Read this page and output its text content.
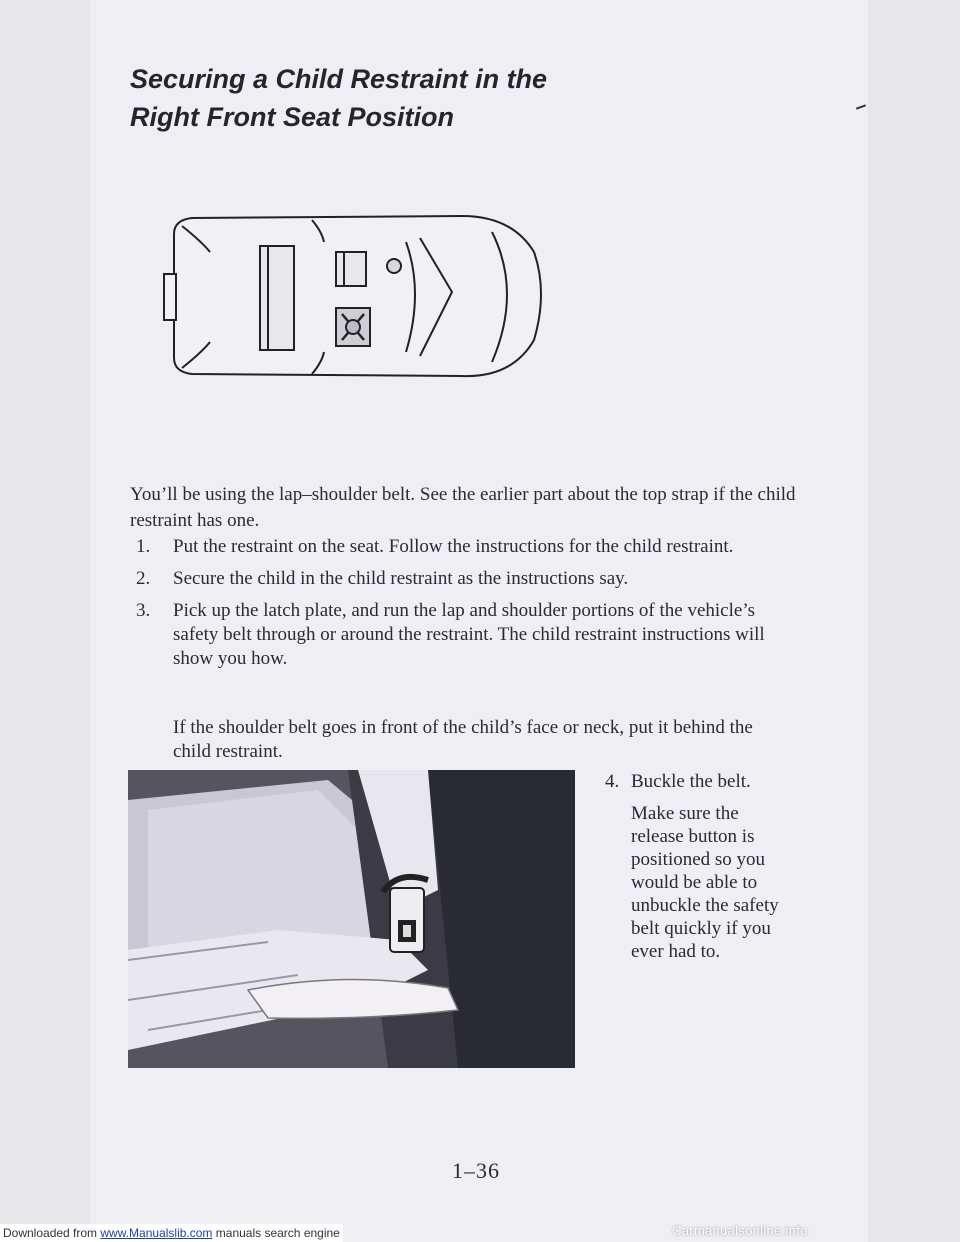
Securing a Child Restraint in the
Right Front Seat Position

You’ll be using the lap–shoulder belt. See the earlier part about the top strap if the child restraint has one.

1. Put the restraint on the seat. Follow the instructions for the child restraint.
2. Secure the child in the child restraint as the instructions say.
3. Pick up the latch plate, and run the lap and shoulder portions of the vehicle’s safety belt through or around the restraint. The child restraint instructions will show you how.

If the shoulder belt goes in front of the child’s face or neck, put it behind the child restraint.

4. Buckle the belt.

Make sure the release button is positioned so you would be able to unbuckle the safety belt quickly if you ever had to.

1–36
Downloaded from www.Manualslib.com manuals search engine	Carmanualsonline.info
